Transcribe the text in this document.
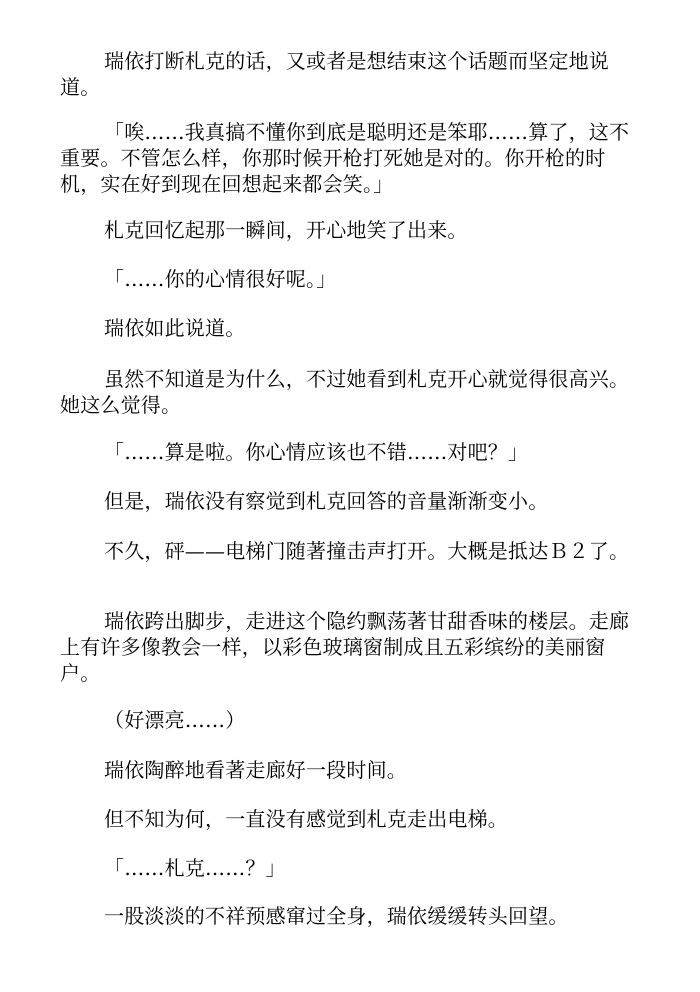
瑞依打断札克的话，又或者是想结束这个话题而坚定地说道。

「唉……我真搞不懂你到底是聪明还是笨耶……算了，这不重要。不管怎么样，你那时候开枪打死她是对的。你开枪的时机，实在好到现在回想起来都会笑。」

札克回忆起那一瞬间，开心地笑了出来。

「……你的心情很好呢。」

瑞依如此说道。

虽然不知道是为什么，不过她看到札克开心就觉得很高兴。她这么觉得。

「……算是啦。你心情应该也不错……对吧？」

但是，瑞依没有察觉到札克回答的音量渐渐变小。

不久，砰——电梯门随著撞击声打开。大概是抵达Ｂ２了。

瑞依跨出脚步，走进这个隐约飘荡著甘甜香味的楼层。走廊上有许多像教会一样，以彩色玻璃窗制成且五彩缤纷的美丽窗户。

（好漂亮……）

瑞依陶醉地看著走廊好一段时间。

但不知为何，一直没有感觉到札克走出电梯。

「……札克……？」

一股淡淡的不祥预感窜过全身，瑞依缓缓转头回望。
